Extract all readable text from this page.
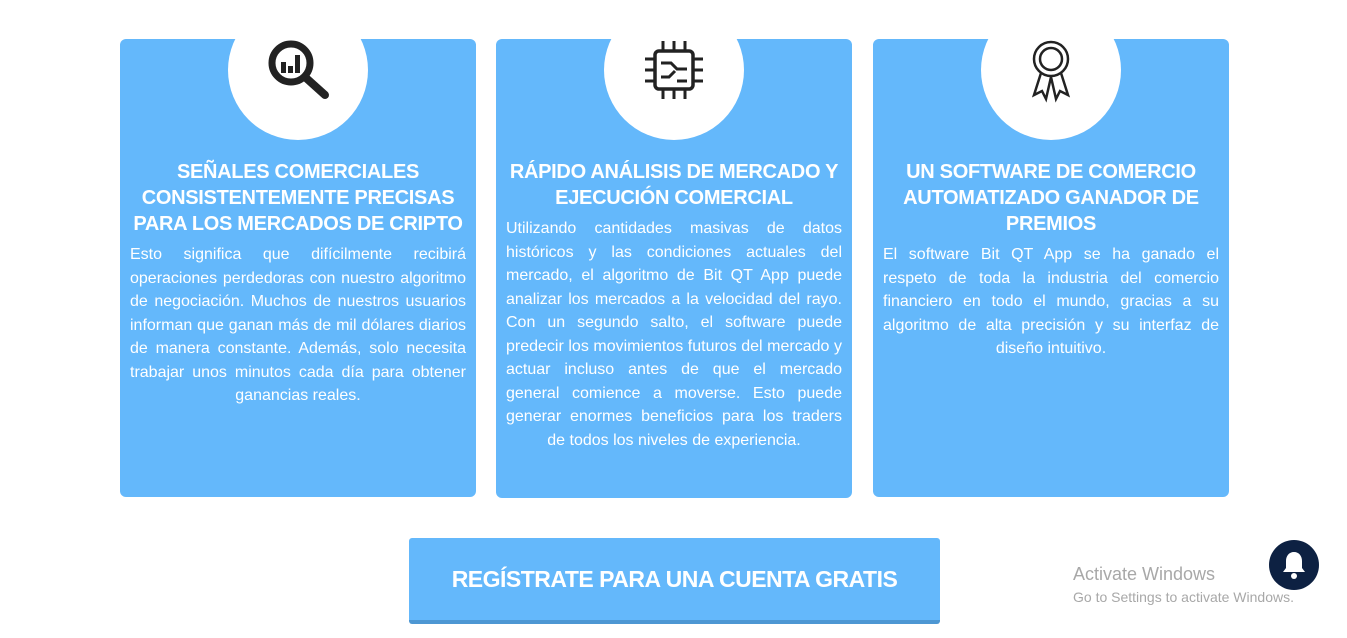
SEÑALES COMERCIALES CONSISTENTEMENTE PRECISAS PARA LOS MERCADOS DE CRIPTO

Esto significa que difícilmente recibirá operaciones perdedoras con nuestro algoritmo de negociación. Muchos de nuestros usuarios informan que ganan más de mil dólares diarios de manera constante. Además, solo necesita trabajar unos minutos cada día para obtener ganancias reales.

RÁPIDO ANÁLISIS DE MERCADO Y EJECUCIÓN COMERCIAL

Utilizando cantidades masivas de datos históricos y las condiciones actuales del mercado, el algoritmo de Bit QT App puede analizar los mercados a la velocidad del rayo. Con un segundo salto, el software puede predecir los movimientos futuros del mercado y actuar incluso antes de que el mercado general comience a moverse. Esto puede generar enormes beneficios para los traders de todos los niveles de experiencia.

UN SOFTWARE DE COMERCIO AUTOMATIZADO GANADOR DE PREMIOS

El software Bit QT App se ha ganado el respeto de toda la industria del comercio financiero en todo el mundo, gracias a su algoritmo de alta precisión y su interfaz de diseño intuitivo.

REGÍSTRATE PARA UNA CUENTA GRATIS	Activate Windows
Go to Settings to activate Windows.
